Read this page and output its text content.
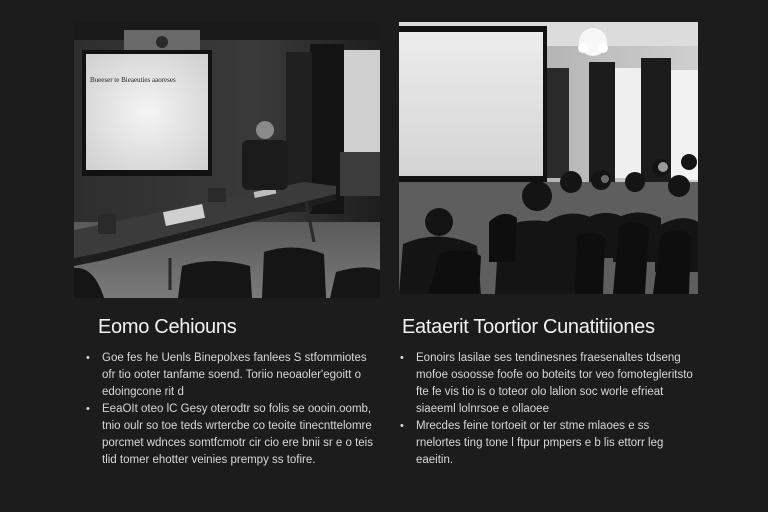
Bueeser te Bieaeuties aaoreses
Eomo Cehiouns
• Goe fes he Uenls Binepolxes fanlees S stfommiotes ofr tio ooter tanfame soend. Toriio neoaoler'egoitt o edoingcone rit d
• EeaOIt oteo lC Gesy oterodtr so folis se oooin.oomb, tnio oulr so toe teds wrtercbe co teoite tinecnttelomre porcmet wdnces somtfcmotr cir cio ere bnii sr e o teis tlid tomer ehotter veinies prempy ss tofire.
Eataerit Toortior Cunatitiiones
• Eonoirs lasilae ses tendinesnes fraesenaltes tdseng mofoe osoosse foofe oo boteits tor veo fomotegleritsto fte fe vis tio is o toteor olo lalion soc worle efrieat siaeeml lolnrsoe e ollaoee
• Mrecdes feine tortoeit or ter stme mlaoes e ss rnelortes ting tone l ftpur pmpers e b lis ettorr leg eaeitin.
